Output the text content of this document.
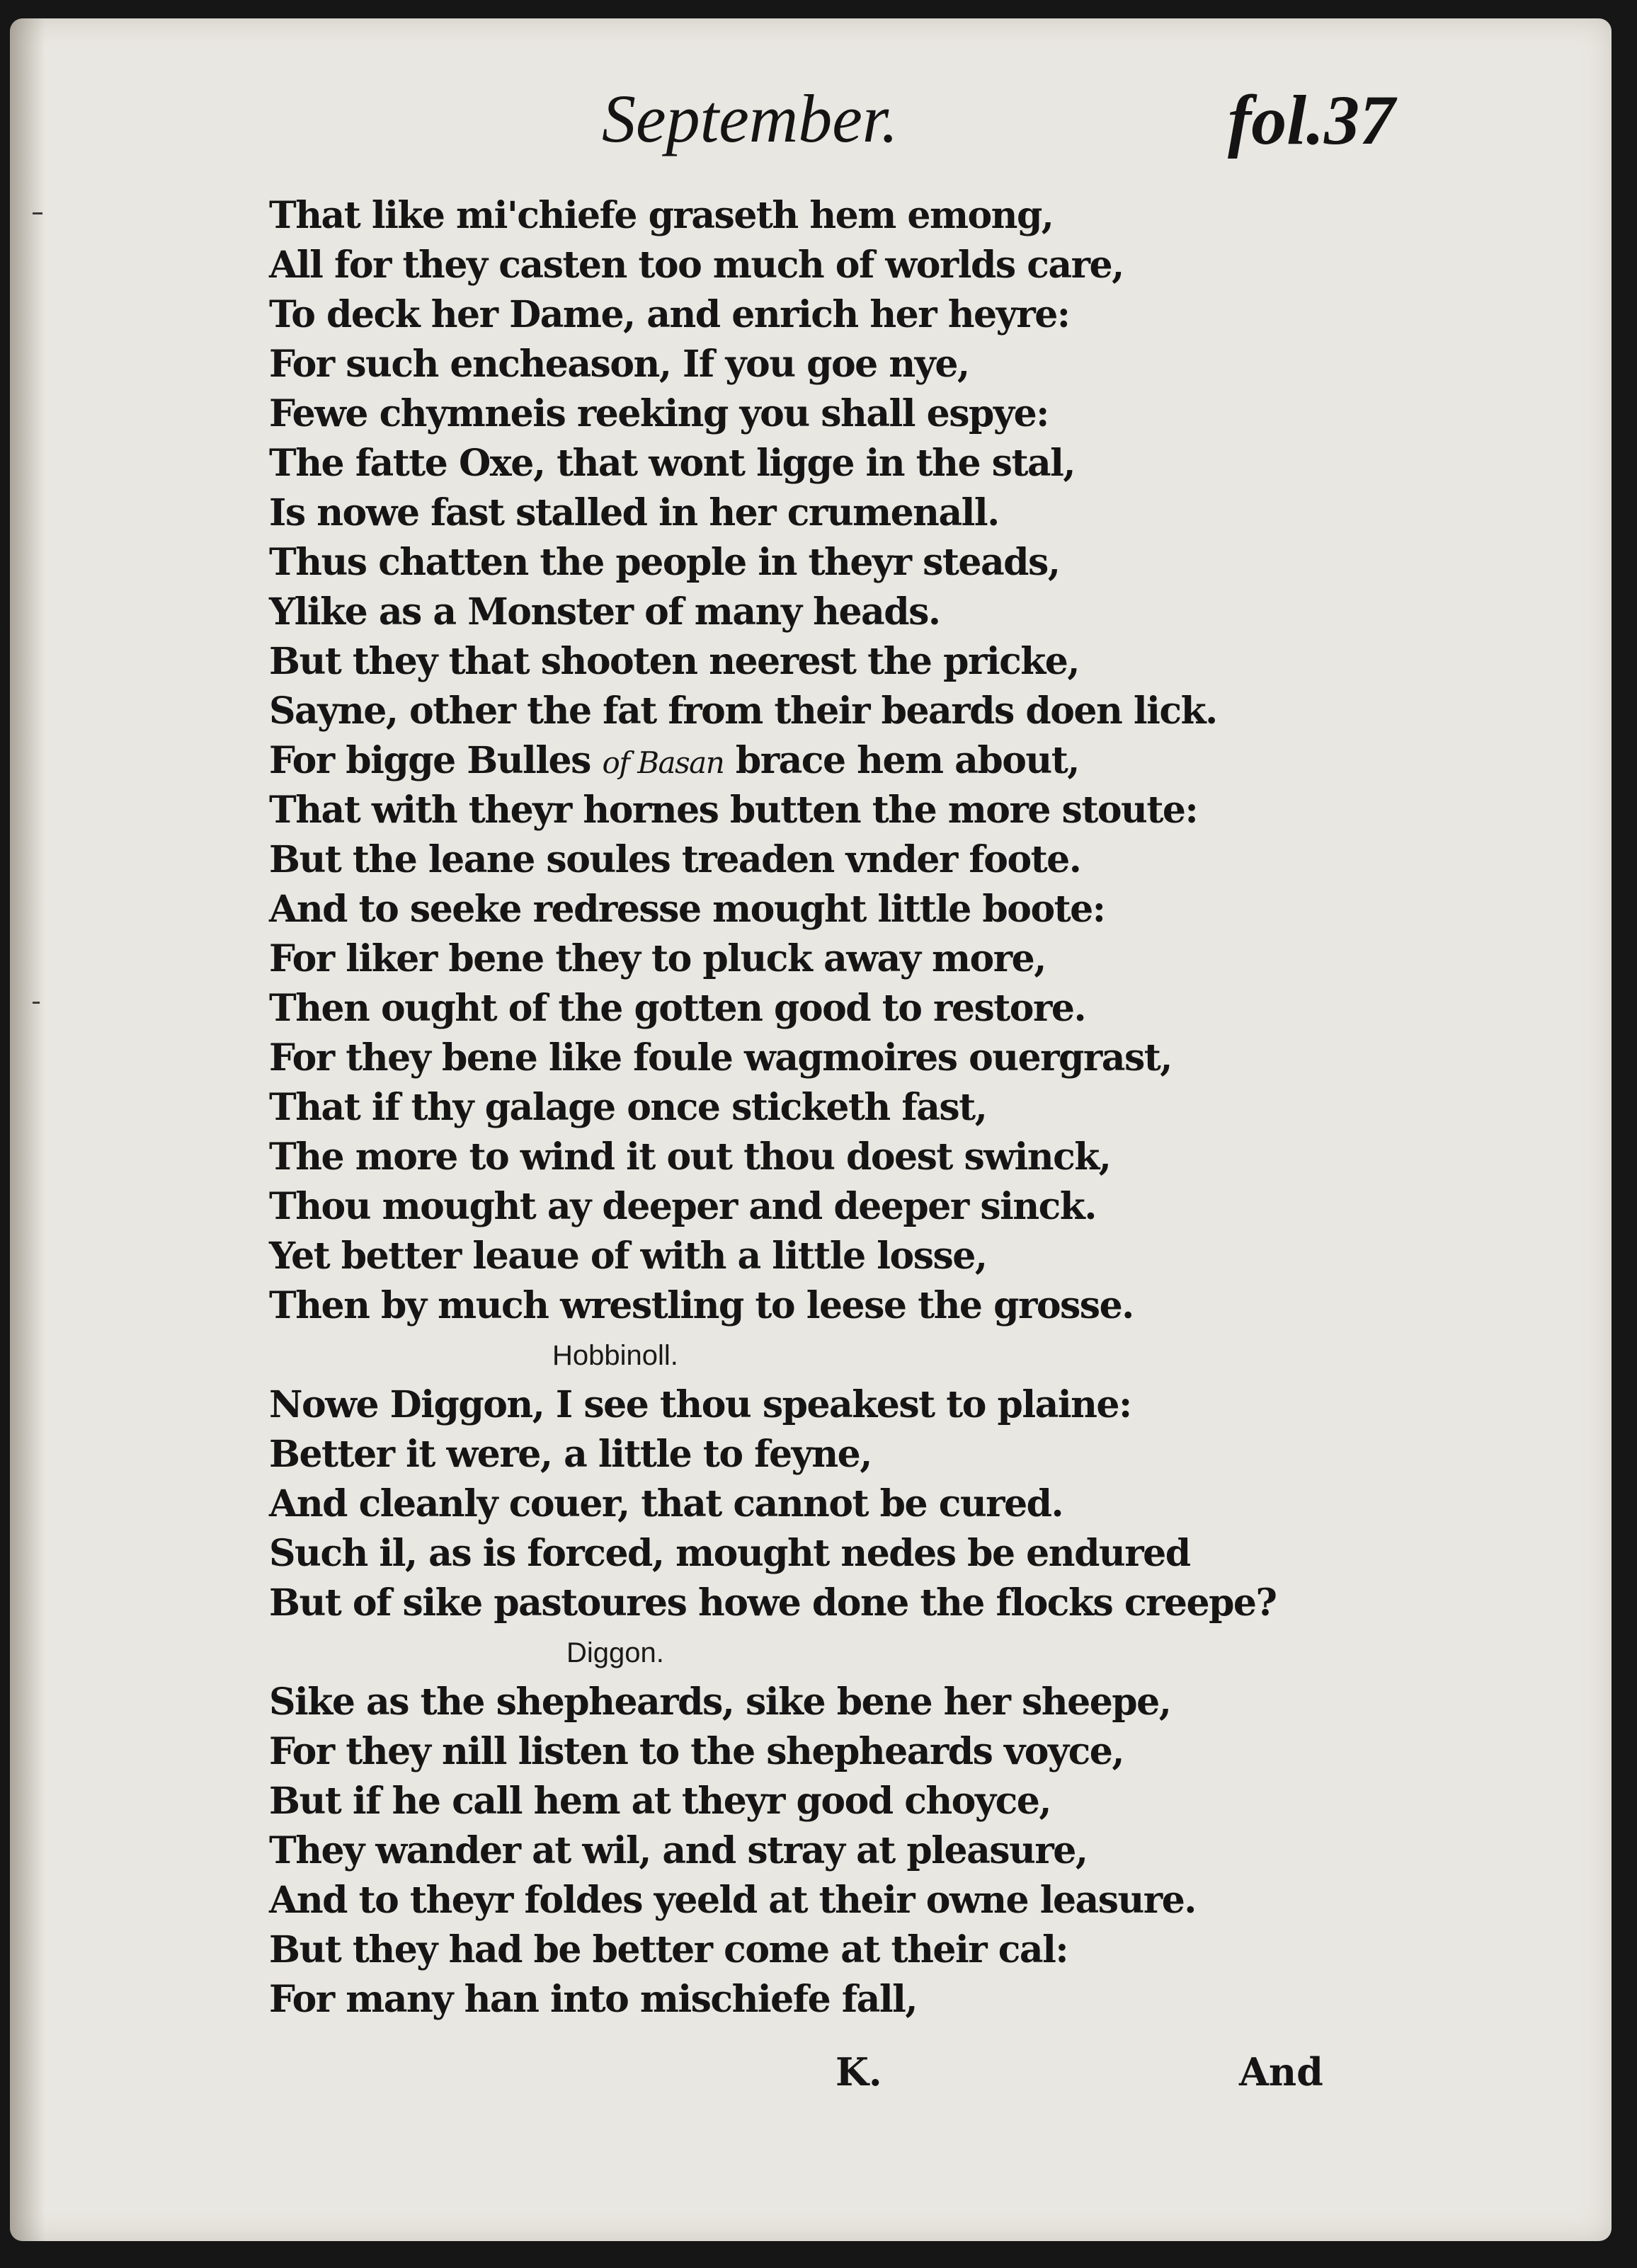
September.	fol.37
That like mi'chiefe graseth hem emong,
All for they casten too much of worlds care,
To deck her Dame, and enrich her heyre:
For such encheason, If you goe nye,
Fewe chymneis reeking you shall espye:
The fatte Oxe, that wont ligge in the stal,
Is nowe fast stalled in her crumenall.
Thus chatten the people in theyr steads,
Ylike as a Monster of many heads.
But they that shooten neerest the pricke,
Sayne, other the fat from their beards doen lick.
For bigge Bulles of Basan brace hem about,
That with theyr hornes butten the more stoute:
But the leane soules treaden vnder foote.
And to seeke redresse mought little boote:
For liker bene they to pluck away more,
Then ought of the gotten good to restore.
For they bene like foule wagmoires ouergrast,
That if thy galage once sticketh fast,
The more to wind it out thou doest swinck,
Thou mought ay deeper and deeper sinck.
Yet better leaue of with a little losse,
Then by much wrestling to leese the grosse.
Hobbinoll.
Nowe Diggon, I see thou speakest to plaine:
Better it were, a little to feyne,
And cleanly couer, that cannot be cured.
Such il, as is forced, mought nedes be endured
But of sike pastoures howe done the flocks creepe?
Diggon.
Sike as the shepheards, sike bene her sheepe,
For they nill listen to the shepheards voyce,
But if he call hem at theyr good choyce,
They wander at wil, and stray at pleasure,
And to theyr foldes yeeld at their owne leasure.
But they had be better come at their cal:
For many han into mischiefe fall,
K.	And
